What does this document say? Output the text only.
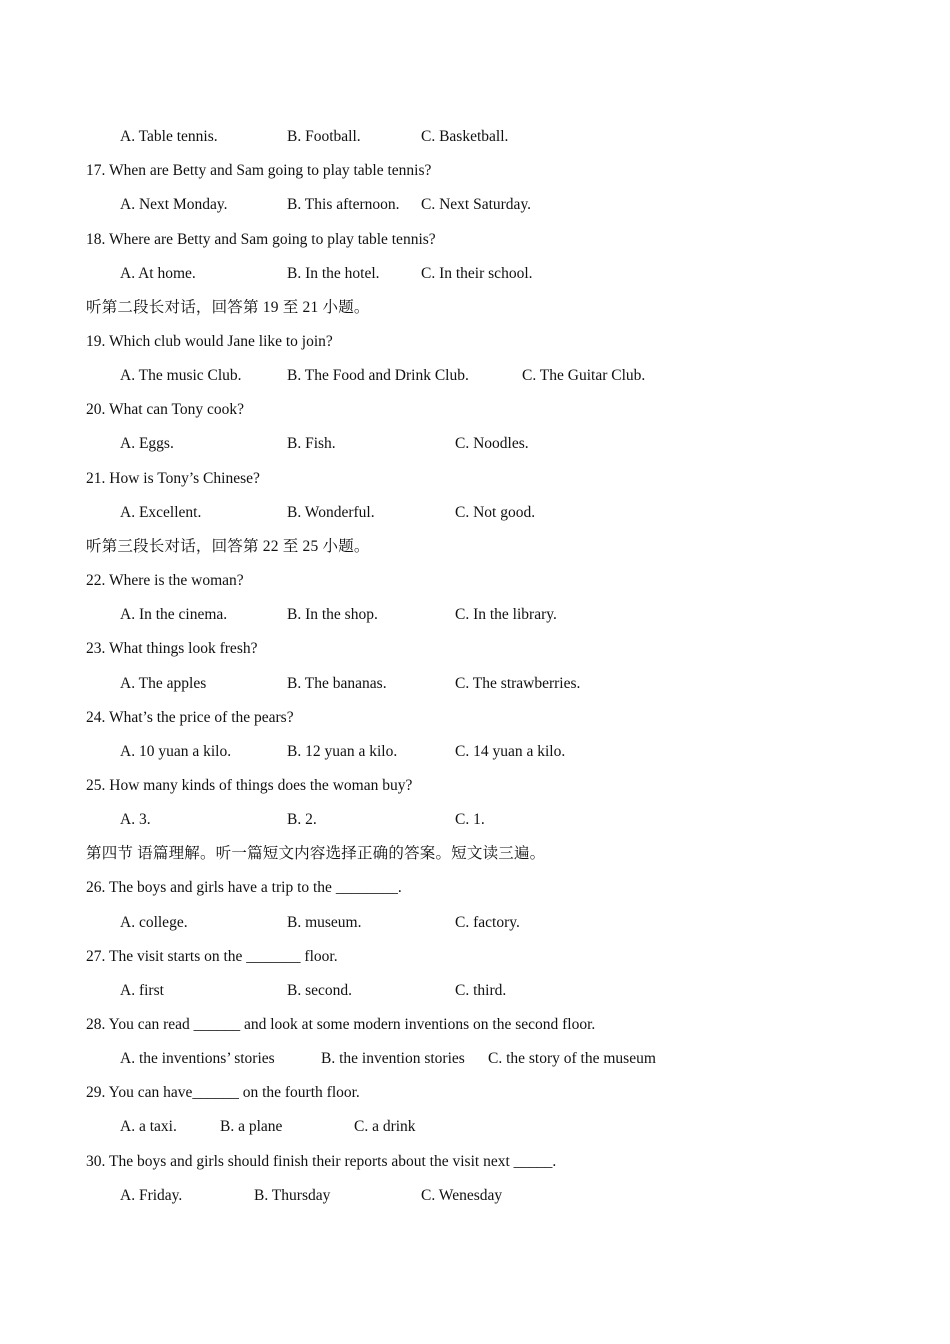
A. Table tennis.	B. Football.	C. Basketball.
17. When are Betty and Sam going to play table tennis?
A. Next Monday.	B. This afternoon. C. Next Saturday.
18. Where are Betty and Sam going to play table tennis?
A. At home.	B. In the hotel.	C. In their school.
听第二段长对话，回答第 19 至 21 小题。
19. Which club would Jane like to join?
A. The music Club.	B. The Food and Drink Club.	C. The Guitar Club.
20. What can Tony cook?
A. Eggs.	B. Fish.	C. Noodles.
21. How is Tony’s Chinese?
A. Excellent.	B. Wonderful.	C. Not good.
听第三段长对话，回答第 22 至 25 小题。
22. Where is the woman?
A. In the cinema.	B. In the shop.	C. In the library.
23. What things look fresh?
A. The apples	B. The bananas.	C. The strawberries.
24. What’s the price of the pears?
A. 10 yuan a kilo.	B. 12 yuan a kilo.	C. 14 yuan a kilo.
25. How many kinds of things does the woman buy?
A. 3.	B. 2.	C. 1.
第四节 语篇理解。听一篇短文内容选择正确的答案。短文读三遍。
26. The boys and girls have a trip to the ________.
A. college.	B. museum.	C. factory.
27. The visit starts on the _______ floor.
A. first	B. second.	C. third.
28. You can read ______ and look at some modern inventions on the second floor.
A. the inventions’ stories	B. the invention stories C. the story of the museum
29. You can have______ on the fourth floor.
A. a taxi.	B. a plane	C. a drink
30. The boys and girls should finish their reports about the visit next _____.
A. Friday.	B. Thursday	C. Wenesday
